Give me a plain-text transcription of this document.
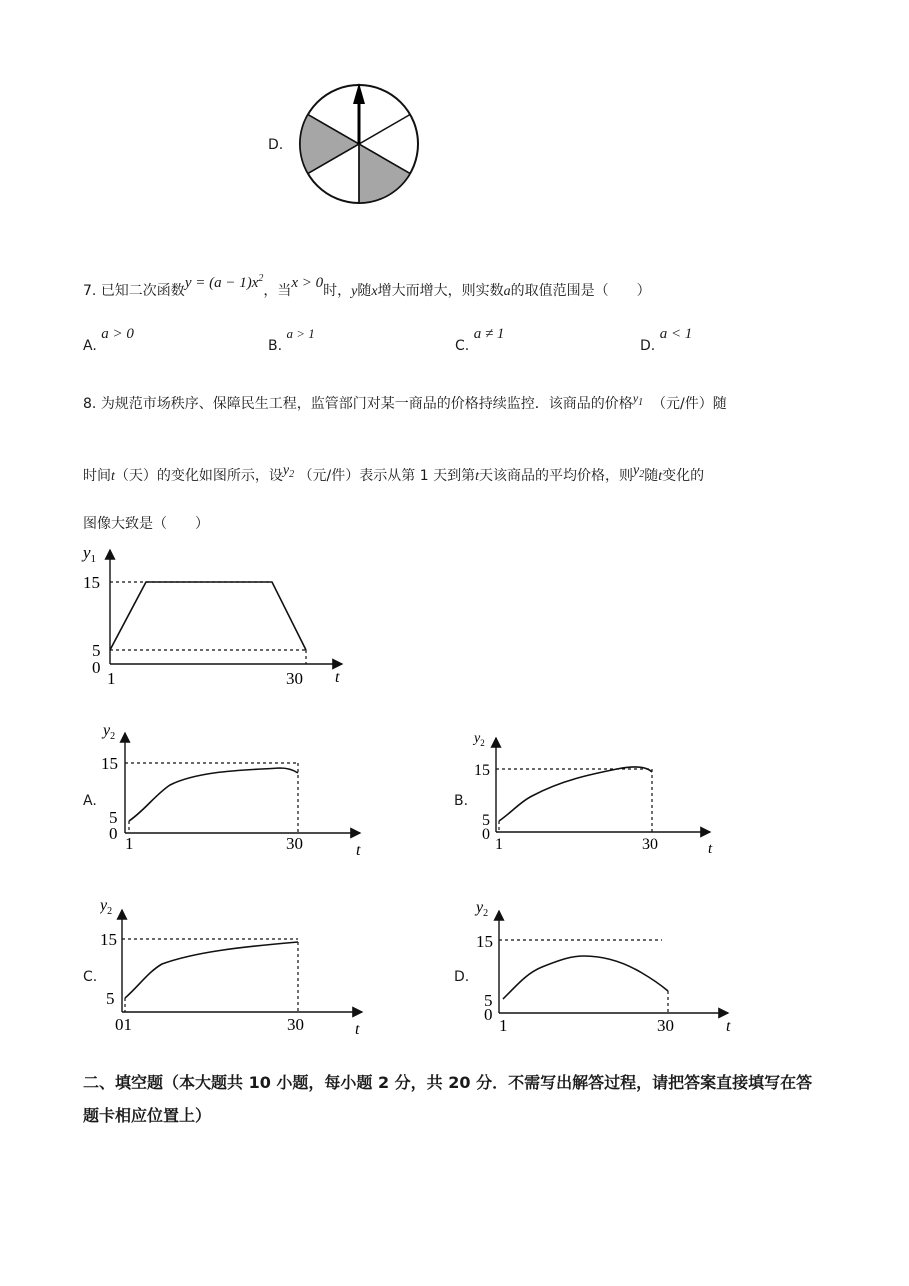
D.
7. 已知二次函数$y = (a - 1)x^2$，当x > 0时，y随x增大而增大，则实数a的取值范围是（　　）
A. a > 0
B. a > 1
C. a ≠ 1
D. a < 1
8. 为规范市场秩序、保障民生工程，监管部门对某一商品的价格持续监控．该商品的价格$y_1$ （元/件）随
时间t（天）的变化如图所示，设$y_2$ （元/件）表示从第 1 天到第t天该商品的平均价格，则$y_2$随t变化的
图像大致是（　　）
$y_1$
15
5
0
1	30 t
A.
$y_2$
15
5
0
1	30	t
B.
$y_2$
15
5
0
1	30	t
C.
$y_2$
15
5
01	30	t
D.
$y_2$
15
5
0
1	30	t
二、填空题（本大题共 10 小题，每小题 2 分，共 20 分．不需写出解答过程，请把答案直接填写在答题卡相应位置上）
